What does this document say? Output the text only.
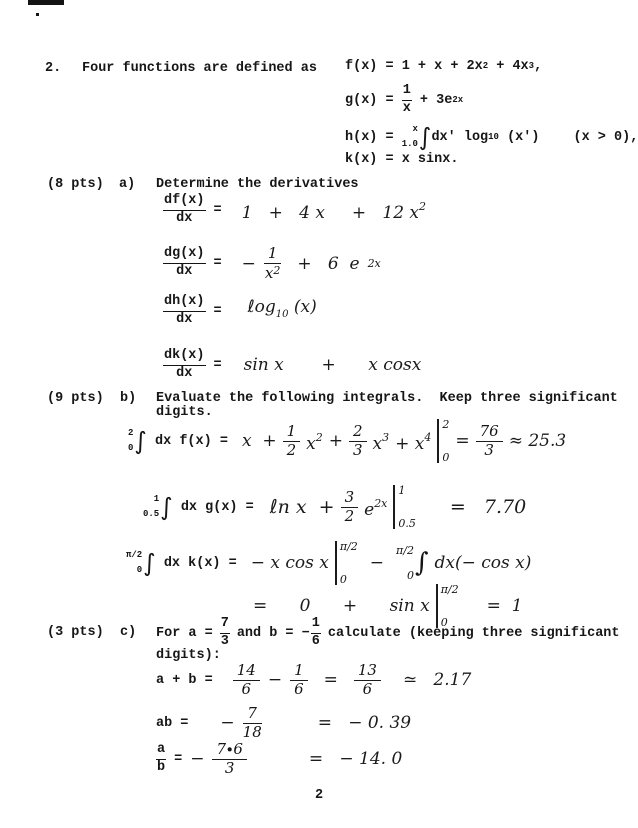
2. Four functions are defined as f(x) = 1 + x + 2x 2 + 4x 3 ,
$g(x) = \frac{1}{x} + 3e$ 2x
h(x) =
x
1.0 ∫ dx′ log 10 (x′)	(x > 0),
k(x) = x sinx.
(8 pts) a) Determine the derivatives
$\frac{df(x)}{dx} = 1 + 4$ x     +   12 $x^2$
$\frac{dg(x)}{dx}$ = − $\frac{1}{x^2} + 6$  e 2x
$\frac{dh(x)}{dx}$ = ℓog$_{10}$ (x)
$\frac{dk(x)}{dx} = \sin x$       +      x cosx
(9 pts) b) Evaluate the following integrals.  Keep three significant
digits.
2
0 ∫ dx $f(x) = x + \frac{1}{2} x^2 + \frac{2}{3} x^3 + x^4$
2
0
= $\frac{76}{3} \approx 25.3$
1
0.5 ∫ dx g(x) = ℓn $x + \frac{3}{2} e^{2x}$
1
0.5
=   7.70
π/2
0 ∫ dx k(x) = − x cos x
π/2
0
−
π/2
0 ∫ dx(− cos x)
=      0      +      sin x
π/2
0
=  1
(3 pts) c) For $a = \frac{7}{3}$ and b = − $\frac{1}{6}$ calculate (keeping three significant
digits):
$a + b = \frac{14}{6} - \frac{1}{6} = \frac{13}{6}$ ≃   2.17
ab = − $\frac{7}{18}$	=   − 0. 39
$\frac{a}{b}$ = − $\frac{7\cdot 6}{3}$	=   − 14. 0
2
